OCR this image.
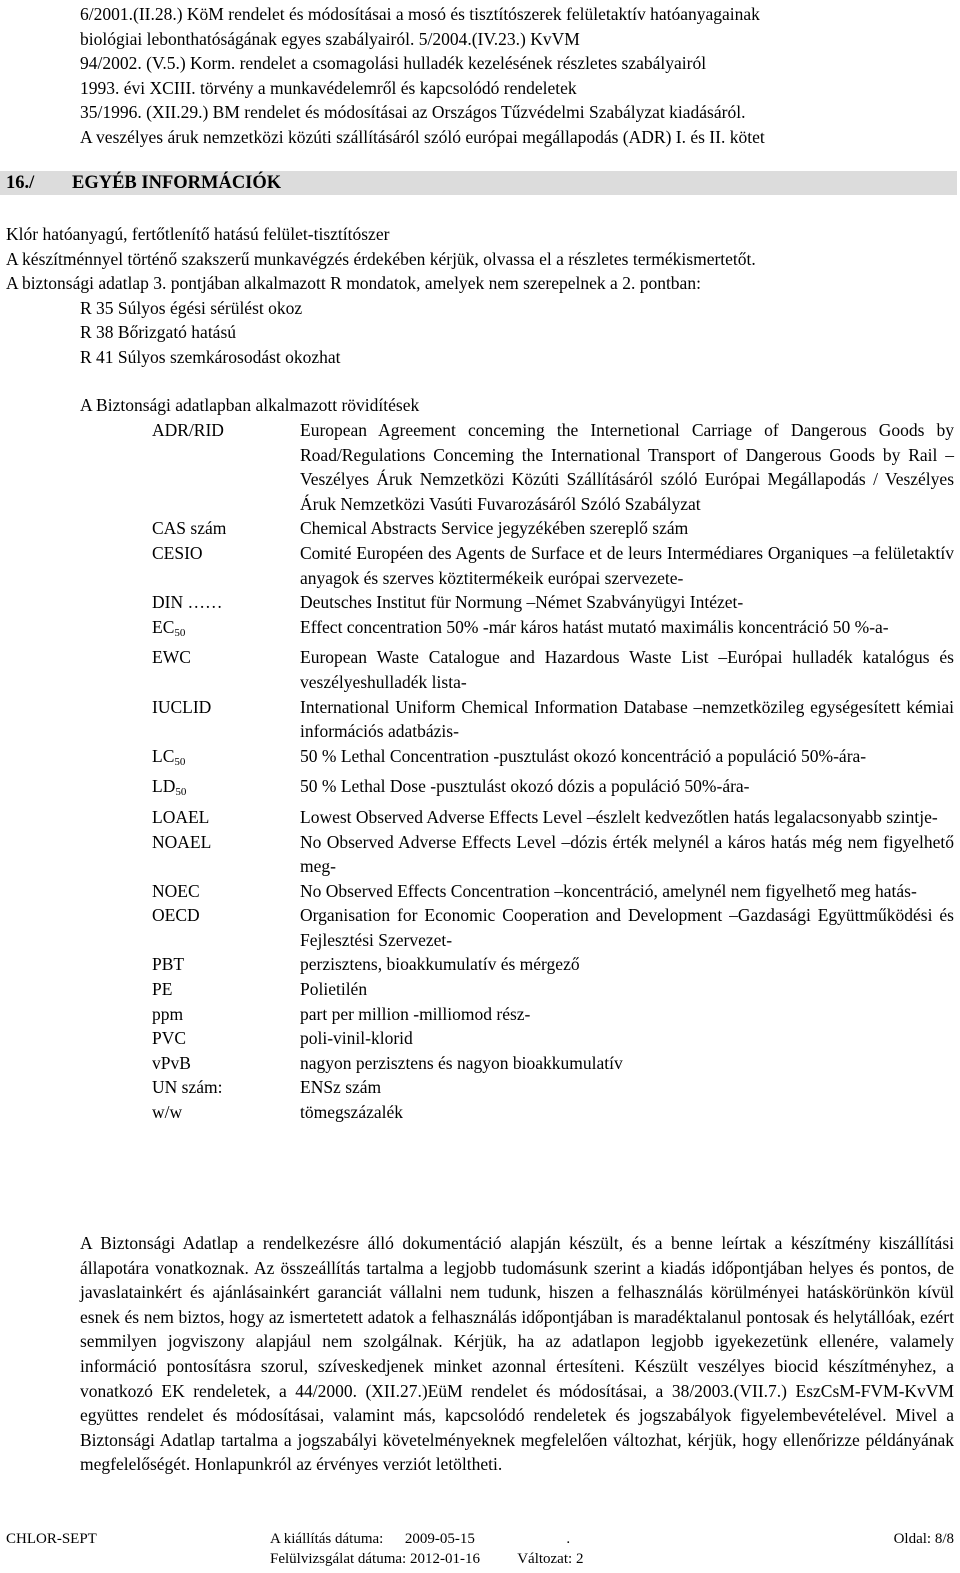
6/2001.(II.28.) KöM rendelet és módosításai a mosó és tisztítószerek felületaktív hatóanyagainak
biológiai lebonthatóságának egyes szabályairól. 5/2004.(IV.23.) KvVM
94/2002. (V.5.) Korm. rendelet a csomagolási hulladék kezelésének részletes szabályairól
1993. évi XCIII. törvény a munkavédelemről és kapcsolódó rendeletek
35/1996. (XII.29.) BM rendelet és módosításai az Országos Tűzvédelmi Szabályzat kiadásáról.
A veszélyes áruk nemzetközi közúti szállításáról szóló európai megállapodás (ADR) I. és II. kötet
16./ EGYÉB INFORMÁCIÓK
Klór hatóanyagú, fertőtlenítő hatású felület-tisztítószer
A készítménnyel történő szakszerű munkavégzés érdekében kérjük, olvassa el a részletes termékismertetőt.
A biztonsági adatlap 3. pontjában alkalmazott R mondatok, amelyek nem szerepelnek a 2. pontban:
R 35 Súlyos égési sérülést okoz
R 38 Bőrizgató hatású
R 41 Súlyos szemkárosodást okozhat
A Biztonsági adatlapban alkalmazott rövidítések
ADR/RID	European Agreement conceming the Internetional Carriage of Dangerous Goods by Road/Regulations Conceming the International Transport of Dangerous Goods by Rail –Veszélyes Áruk Nemzetközi Közúti Szállításáról szóló Európai Megállapodás / Veszélyes Áruk Nemzetközi Vasúti Fuvarozásáról Szóló Szabályzat
CAS szám	Chemical Abstracts Service jegyzékében szereplő szám
CESIO	Comité Européen des Agents de Surface et de leurs Intermédiares Organiques –a felületaktív anyagok és szerves köztitermékeik európai szervezete-
DIN ……	Deutsches Institut für Normung –Német Szabványügyi Intézet-
$EC_{50}$	Effect concentration 50% -már káros hatást mutató maximális koncentráció 50 %-a-
EWC	European Waste Catalogue and Hazardous Waste List –Európai hulladék katalógus és veszélyeshulladék lista-
IUCLID	International Uniform Chemical Information Database –nemzetközileg egységesített kémiai információs adatbázis-
$LC_{50}$	50 % Lethal Concentration -pusztulást okozó koncentráció a populáció 50%-ára-
$LD_{50}$	50 % Lethal Dose -pusztulást okozó dózis a populáció 50%-ára-
LOAEL	Lowest Observed Adverse Effects Level –észlelt kedvezőtlen hatás legalacsonyabb szintje-
NOAEL	No Observed Adverse Effects Level –dózis érték melynél a káros hatás még nem figyelhető meg-
NOEC	No Observed Effects Concentration –koncentráció, amelynél nem figyelhető meg hatás-
OECD	Organisation for Economic Cooperation and Development –Gazdasági Együttműködési és Fejlesztési Szervezet-
PBT	perzisztens, bioakkumulatív és mérgező
PE	Polietilén
ppm	part per million -milliomod rész-
PVC	poli-vinil-klorid
vPvB	nagyon perzisztens és nagyon bioakkumulatív
UN szám:	ENSz szám
w/w	tömegszázalék
A Biztonsági Adatlap a rendelkezésre álló dokumentáció alapján készült, és a benne leírtak a készítmény kiszállítási állapotára vonatkoznak. Az összeállítás tartalma a legjobb tudomásunk szerint a kiadás időpontjában helyes és pontos, de javaslatainkért és ajánlásainkért garanciát vállalni nem tudunk, hiszen a felhasználás körülményei hatáskörünkön kívül esnek és nem biztos, hogy az ismertetett adatok a felhasználás időpontjában is maradéktalanul pontosak és helytállóak, ezért semmilyen jogviszony alapjául nem szolgálnak. Kérjük, ha az adatlapon legjobb igyekezetünk ellenére, valamely információ pontosításra szorul, szíveskedjenek minket azonnal értesíteni. Készült veszélyes biocid készítményhez, a vonatkozó EK rendeletek, a 44/2000. (XII.27.)EüM rendelet és módosításai, a 38/2003.(VII.7.) EszCsM-FVM-KvVM együttes rendelet és módosításai, valamint más, kapcsolódó rendeletek és jogszabályok figyelembevételével. Mivel a Biztonsági Adatlap tartalma a jogszabályi követelményeknek megfelelően változhat, kérjük, hogy ellenőrizze példányának megfelelőségét. Honlapunkról az érvényes verziót letöltheti.
CHLOR-SEPT	A kiállítás dátuma: 2009-05-15	.
Felülvizsgálat dátuma: 2012-01-16 Változat: 2
Oldal: 8/8
